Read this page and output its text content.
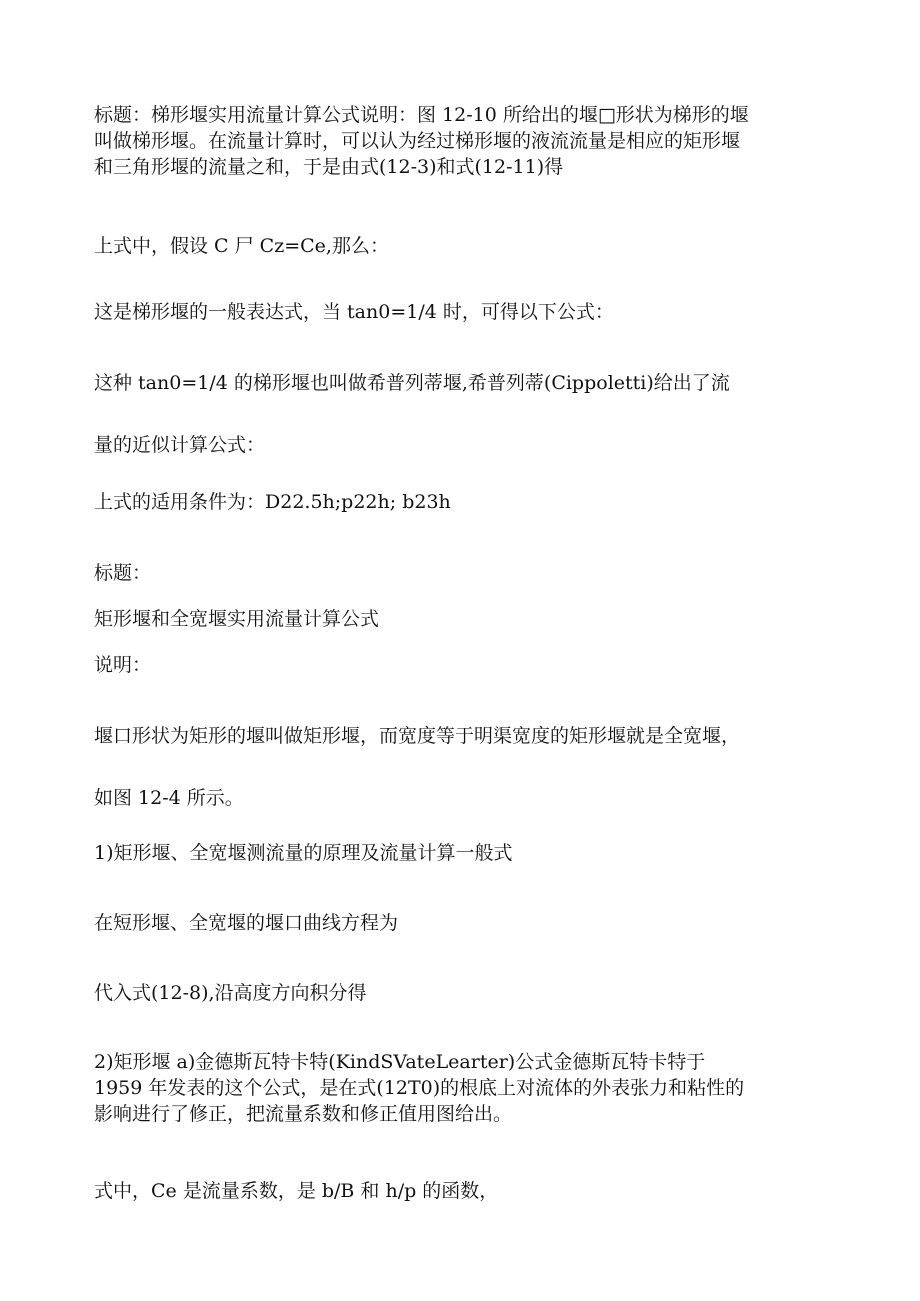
标题：梯形堰实用流量计算公式说明：图 12-10 所给出的堰□形状为梯形的堰
叫做梯形堰。在流量计算时，可以认为经过梯形堰的液流流量是相应的矩形堰
和三角形堰的流量之和，于是由式(12-3)和式(12-11)得
上式中，假设 C 尸 Cz=Ce,那么：
这是梯形堰的一般表达式，当 tan0=1/4 时，可得以下公式：
这种 tan0=1/4 的梯形堰也叫做希普列蒂堰,希普列蒂(Cippoletti)给出了流
量的近似计算公式：
上式的适用条件为：D22.5h;p22h; b23h
标题：
矩形堰和全宽堰实用流量计算公式
说明：
堰口形状为矩形的堰叫做矩形堰，而宽度等于明渠宽度的矩形堰就是全宽堰，
如图 12-4 所示。
1)矩形堰、全宽堰测流量的原理及流量计算一般式
在短形堰、全宽堰的堰口曲线方程为
代入式(12-8),沿高度方向积分得
2)矩形堰 a)金德斯瓦特卡特(KindSVateLearter)公式金德斯瓦特卡特于
1959 年发表的这个公式，是在式(12T0)的根底上对流体的外表张力和粘性的
影响进行了修正，把流量系数和修正值用图给出。
式中，Ce 是流量系数，是 b/B 和 h/p 的函数，
